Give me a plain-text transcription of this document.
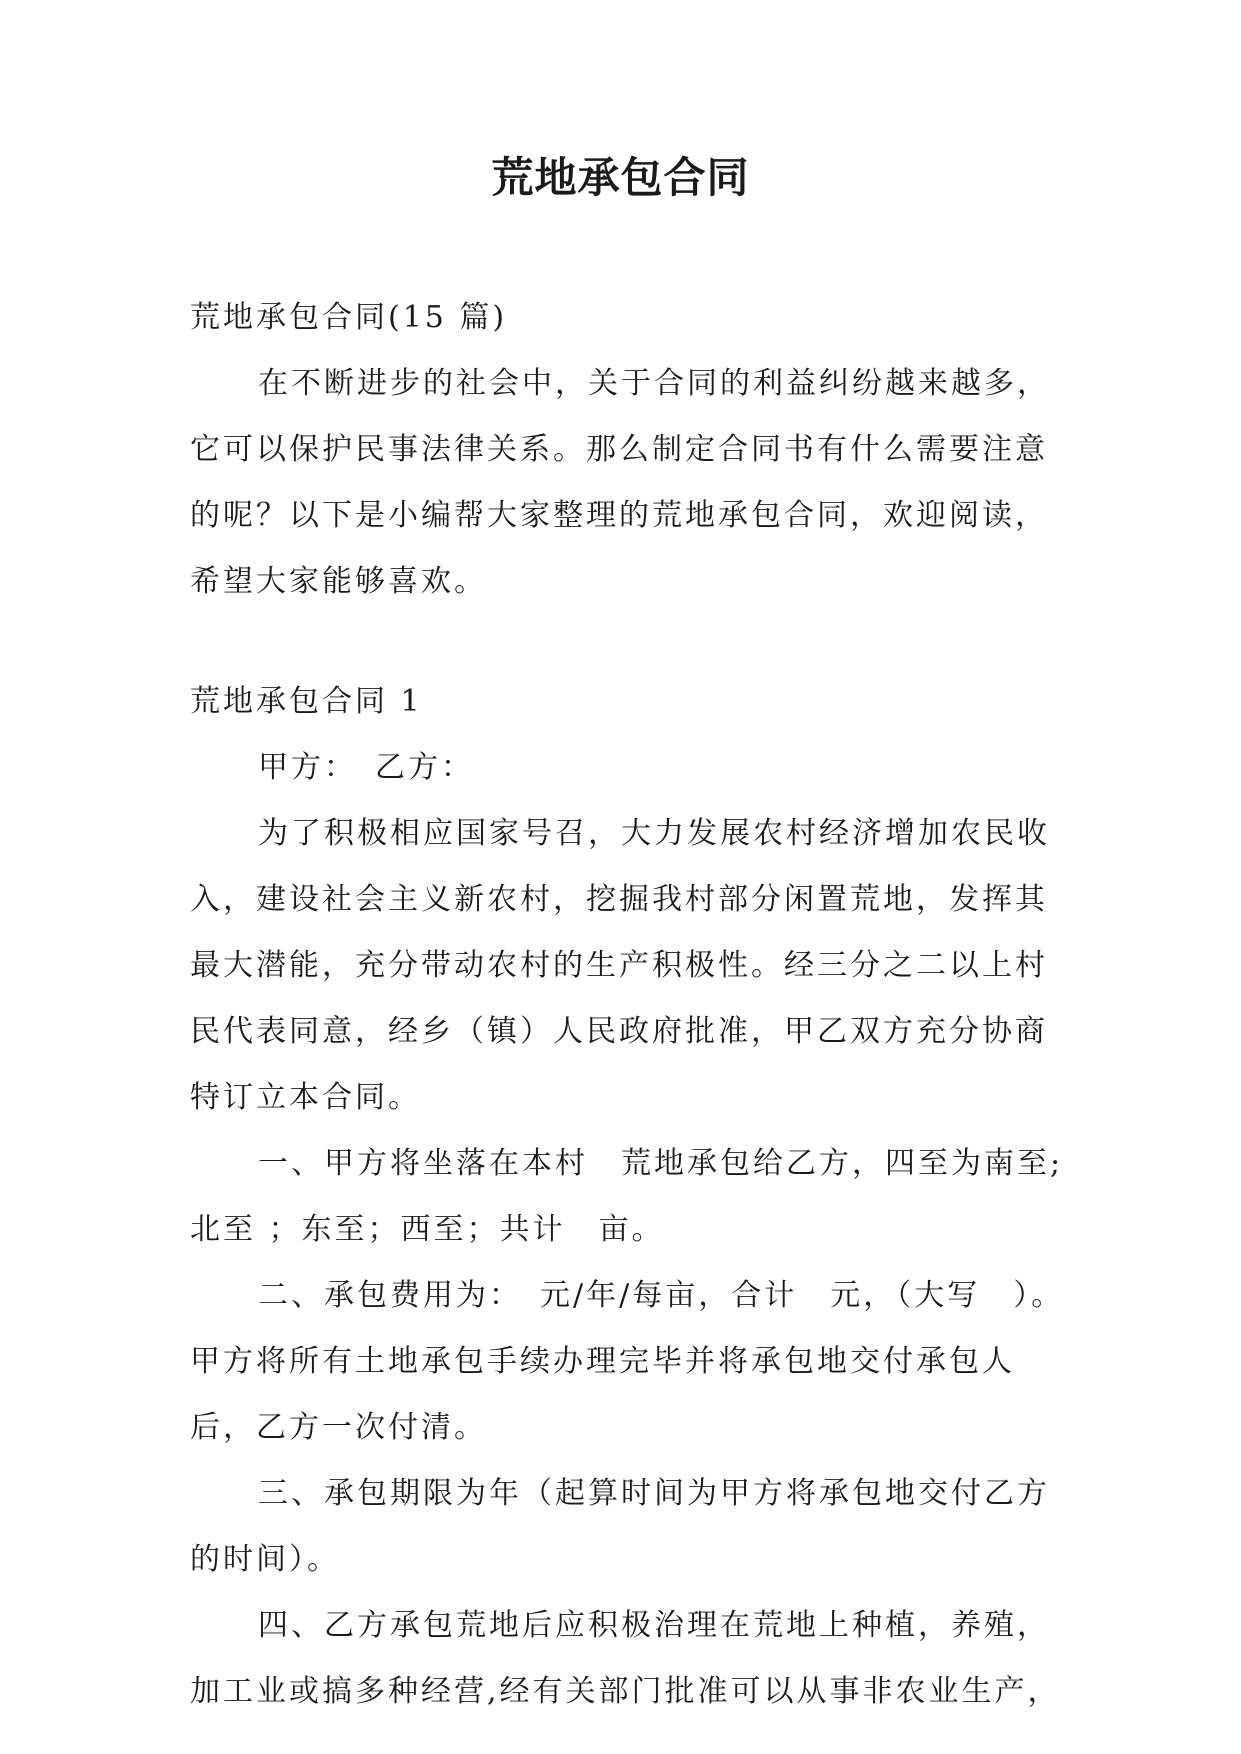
荒地承包合同
荒地承包合同(15 篇)
在不断进步的社会中，关于合同的利益纠纷越来越多，
它可以保护民事法律关系。那么制定合同书有什么需要注意
的呢？以下是小编帮大家整理的荒地承包合同，欢迎阅读，
希望大家能够喜欢。
荒地承包合同 1
甲方：　乙方：
为了积极相应国家号召，大力发展农村经济增加农民收
入，建设社会主义新农村，挖掘我村部分闲置荒地，发挥其
最大潜能，充分带动农村的生产积极性。经三分之二以上村
民代表同意，经乡（镇）人民政府批准，甲乙双方充分协商
特订立本合同。
一、甲方将坐落在本村　荒地承包给乙方，四至为南至;
北至 ；东至；西至；共计　亩。
二、承包费用为：　元/年/每亩，合计　元，（大写　）。
甲方将所有土地承包手续办理完毕并将承包地交付承包人
后，乙方一次付清。
三、承包期限为年（起算时间为甲方将承包地交付乙方
的时间）。
四、乙方承包荒地后应积极治理在荒地上种植，养殖，
加工业或搞多种经营,经有关部门批准可以从事非农业生产，
